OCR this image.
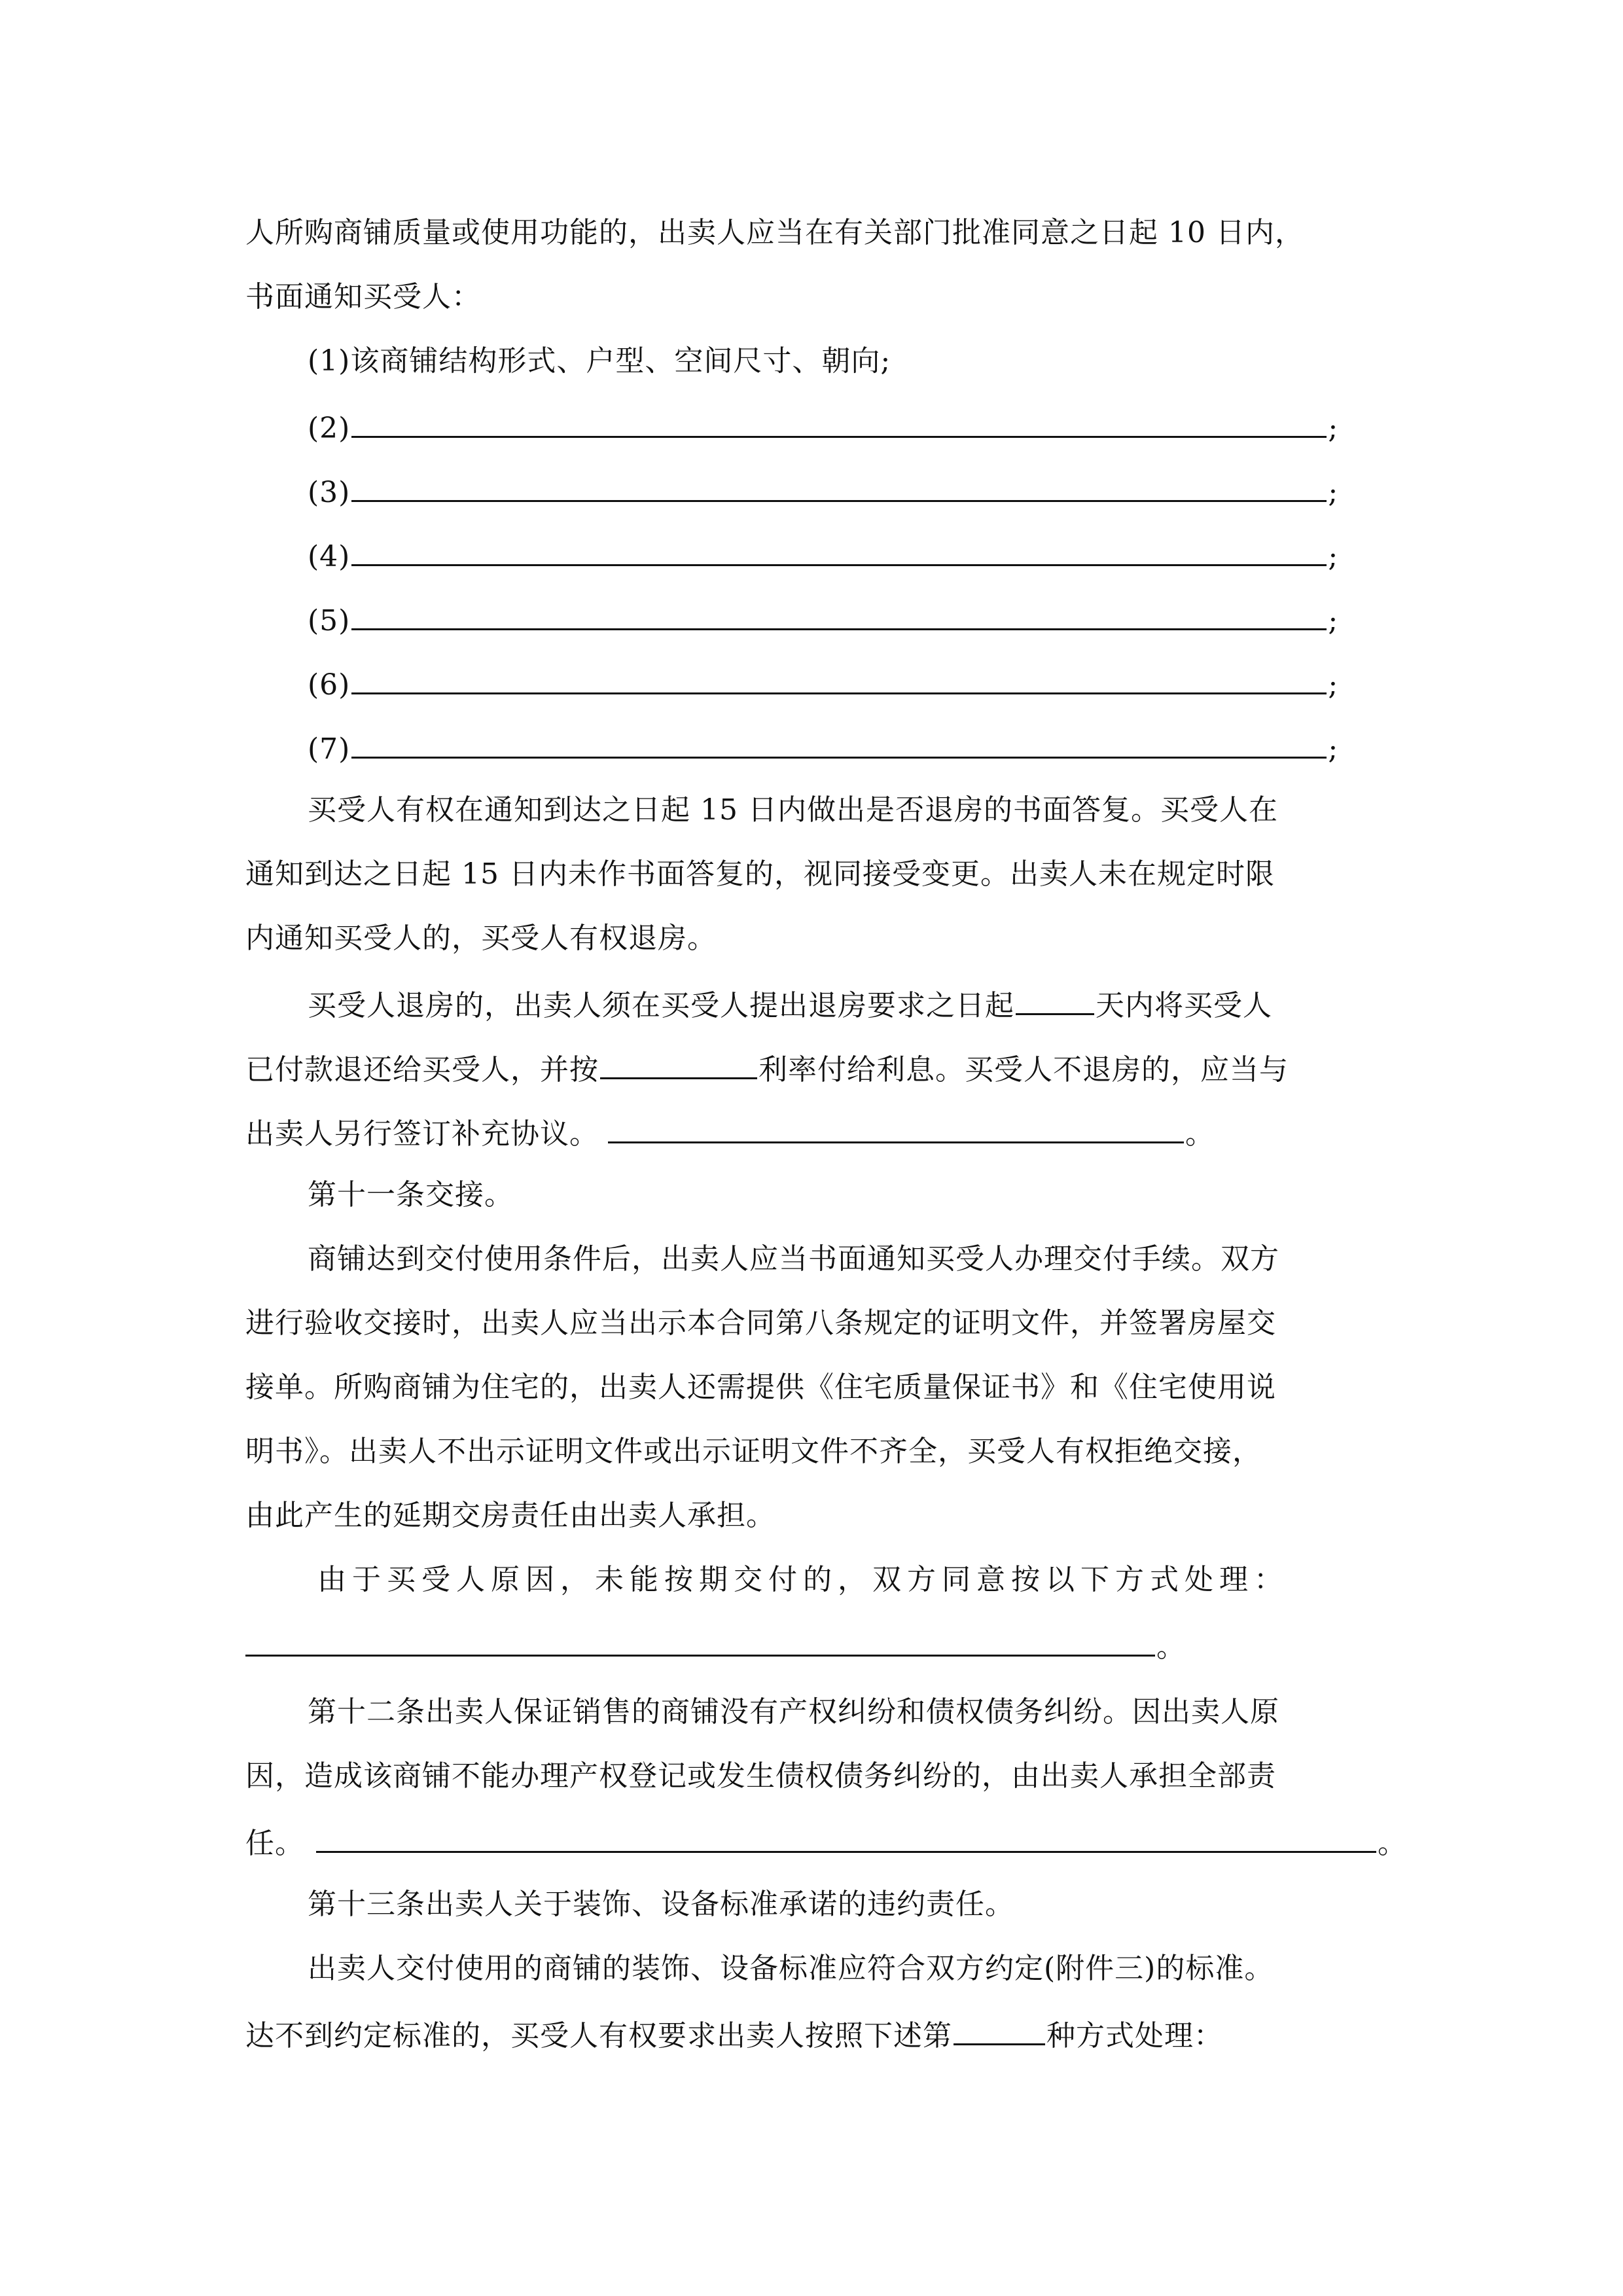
人所购商铺质量或使用功能的，出卖人应当在有关部门批准同意之日起 10 日内，
书面通知买受人：
(1)该商铺结构形式、户型、空间尺寸、朝向;
(2)	;
(3)	;
(4)	;
(5)	;
(6)	;
(7)	;
买受人有权在通知到达之日起 15 日内做出是否退房的书面答复。买受人在
通知到达之日起 15 日内未作书面答复的，视同接受变更。出卖人未在规定时限
内通知买受人的，买受人有权退房。
买受人退房的，出卖人须在买受人提出退房要求之日起	天内将买受人
已付款退还给买受人，并按	利率付给利息。买受人不退房的，应当与
出卖人另行签订补充协议。	。
第十一条交接。
商铺达到交付使用条件后，出卖人应当书面通知买受人办理交付手续。双方
进行验收交接时，出卖人应当出示本合同第八条规定的证明文件，并签署房屋交
接单。所购商铺为住宅的，出卖人还需提供《住宅质量保证书》和《住宅使用说
明书》。出卖人不出示证明文件或出示证明文件不齐全，买受人有权拒绝交接，
由此产生的延期交房责任由出卖人承担。
由于买受人原因，未能按期交付的，双方同意按以下方式处理：
。
第十二条出卖人保证销售的商铺没有产权纠纷和债权债务纠纷。因出卖人原
因，造成该商铺不能办理产权登记或发生债权债务纠纷的，由出卖人承担全部责
任。	。
第十三条出卖人关于装饰、设备标准承诺的违约责任。
出卖人交付使用的商铺的装饰、设备标准应符合双方约定(附件三)的标准。
达不到约定标准的，买受人有权要求出卖人按照下述第	种方式处理：
